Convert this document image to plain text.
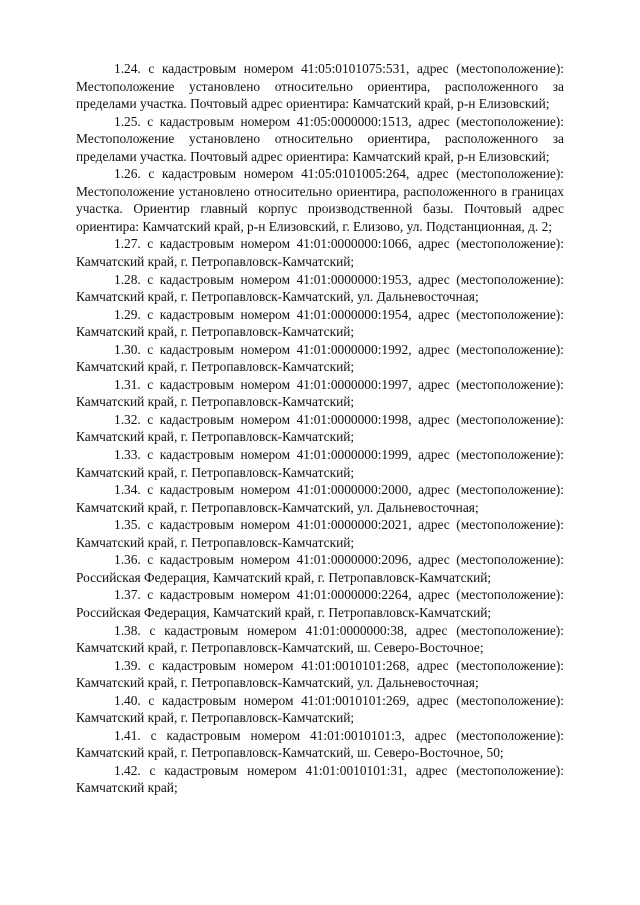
1.24. с кадастровым номером 41:05:0101075:531, адрес (местоположение): Местоположение установлено относительно ориентира, расположенного за пределами участка. Почтовый адрес ориентира: Камчатский край, р-н Елизовский;

1.25. с кадастровым номером 41:05:0000000:1513, адрес (местоположение): Местоположение установлено относительно ориентира, расположенного за пределами участка. Почтовый адрес ориентира: Камчатский край, р-н Елизовский;

1.26. с кадастровым номером 41:05:0101005:264, адрес (местоположение): Местоположение установлено относительно ориентира, расположенного в границах участка. Ориентир главный корпус производственной базы. Почтовый адрес ориентира: Камчатский край, р-н Елизовский, г. Елизово, ул. Подстанционная, д. 2;

1.27. с кадастровым номером 41:01:0000000:1066, адрес (местоположение): Камчатский край, г. Петропавловск-Камчатский;

1.28. с кадастровым номером 41:01:0000000:1953, адрес (местоположение): Камчатский край, г. Петропавловск-Камчатский, ул. Дальневосточная;

1.29. с кадастровым номером 41:01:0000000:1954, адрес (местоположение): Камчатский край, г. Петропавловск-Камчатский;

1.30. с кадастровым номером 41:01:0000000:1992, адрес (местоположение): Камчатский край, г. Петропавловск-Камчатский;

1.31. с кадастровым номером 41:01:0000000:1997, адрес (местоположение): Камчатский край, г. Петропавловск-Камчатский;

1.32. с кадастровым номером 41:01:0000000:1998, адрес (местоположение): Камчатский край, г. Петропавловск-Камчатский;

1.33. с кадастровым номером 41:01:0000000:1999, адрес (местоположение): Камчатский край, г. Петропавловск-Камчатский;

1.34. с кадастровым номером 41:01:0000000:2000, адрес (местоположение): Камчатский край, г. Петропавловск-Камчатский, ул. Дальневосточная;

1.35. с кадастровым номером 41:01:0000000:2021, адрес (местоположение): Камчатский край, г. Петропавловск-Камчатский;

1.36. с кадастровым номером 41:01:0000000:2096, адрес (местоположение): Российская Федерация, Камчатский край, г. Петропавловск-Камчатский;

1.37. с кадастровым номером 41:01:0000000:2264, адрес (местоположение): Российская Федерация, Камчатский край, г. Петропавловск-Камчатский;

1.38. с кадастровым номером 41:01:0000000:38, адрес (местоположение): Камчатский край, г. Петропавловск-Камчатский, ш. Северо-Восточное;

1.39. с кадастровым номером 41:01:0010101:268, адрес (местоположение): Камчатский край, г. Петропавловск-Камчатский, ул. Дальневосточная;

1.40. с кадастровым номером 41:01:0010101:269, адрес (местоположение): Камчатский край, г. Петропавловск-Камчатский;

1.41. с кадастровым номером 41:01:0010101:3, адрес (местоположение): Камчатский край, г. Петропавловск-Камчатский, ш. Северо-Восточное, 50;

1.42. с кадастровым номером 41:01:0010101:31, адрес (местоположение): Камчатский край;
